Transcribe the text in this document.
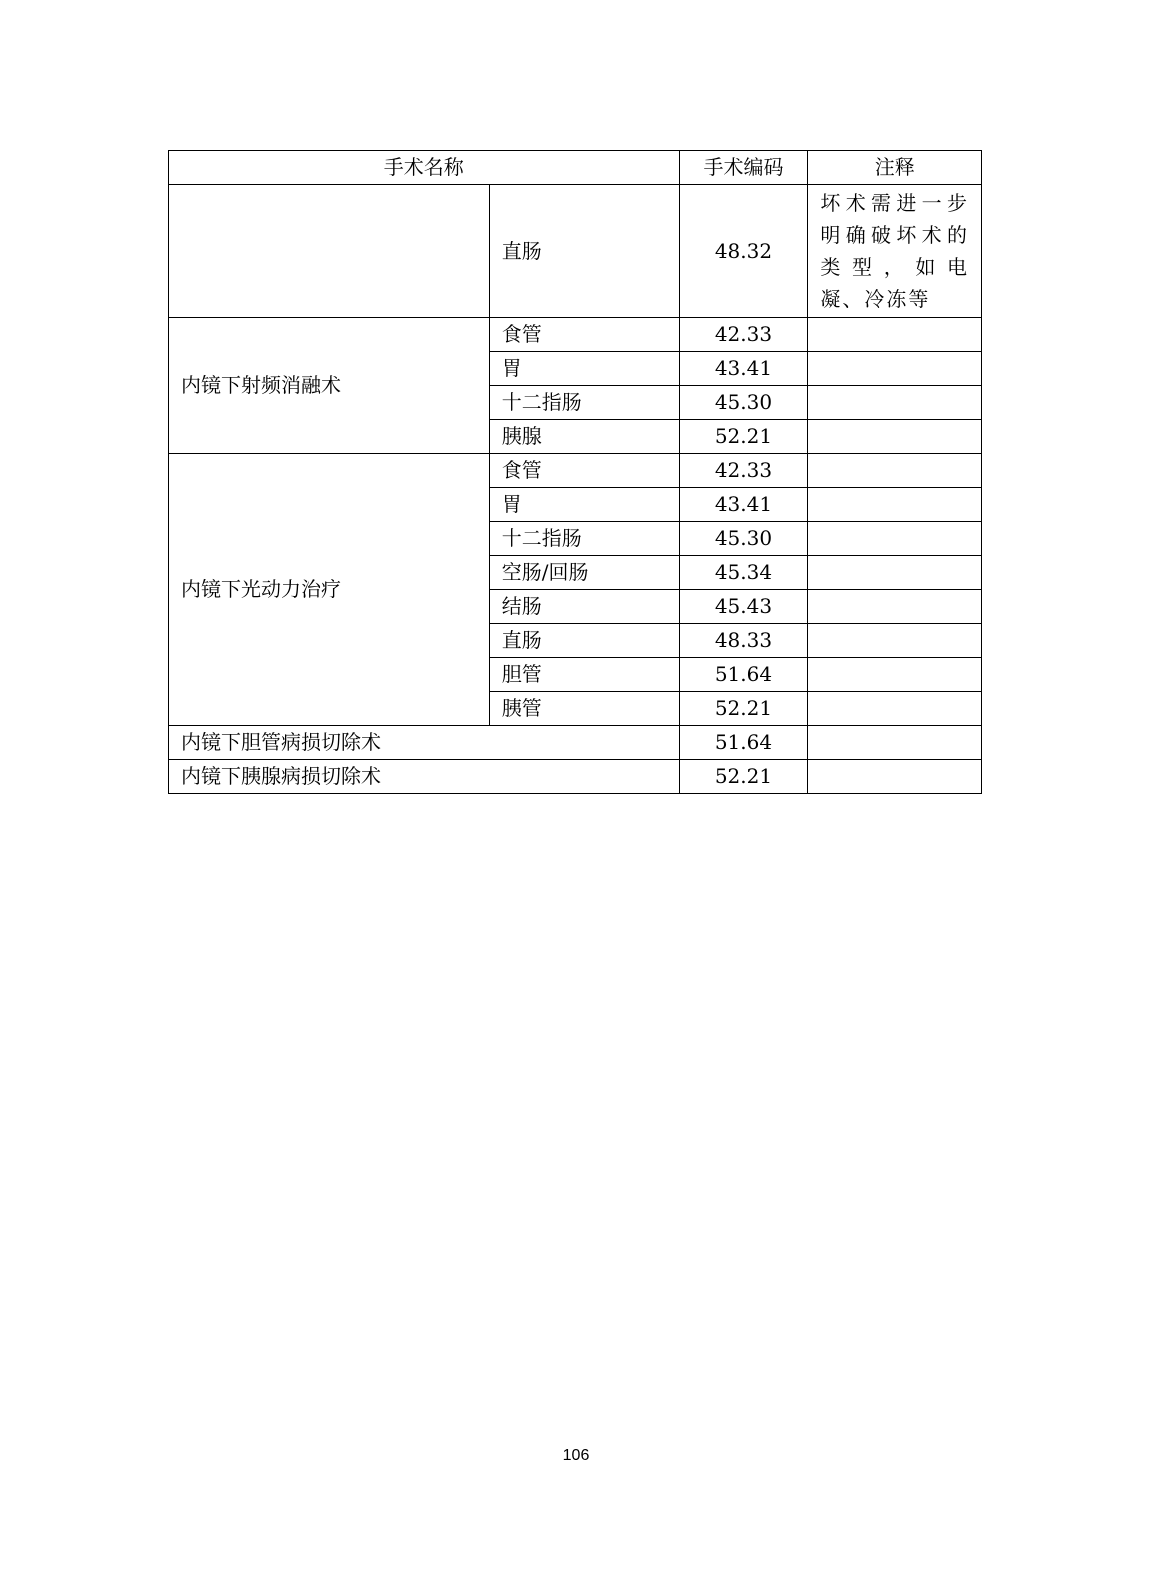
手术名称		手术编码	注释
	直肠	48.32	坏术需进一步明确破坏术的类型，如电凝、冷冻等
内镜下射频消融术	食管	42.33	
	胃	43.41	
	十二指肠	45.30	
	胰腺	52.21	
内镜下光动力治疗	食管	42.33	
	胃	43.41	
	十二指肠	45.30	
	空肠/回肠	45.34	
	结肠	45.43	
	直肠	48.33	
	胆管	51.64	
	胰管	52.21	
内镜下胆管病损切除术		51.64	
内镜下胰腺病损切除术		52.21	
106
